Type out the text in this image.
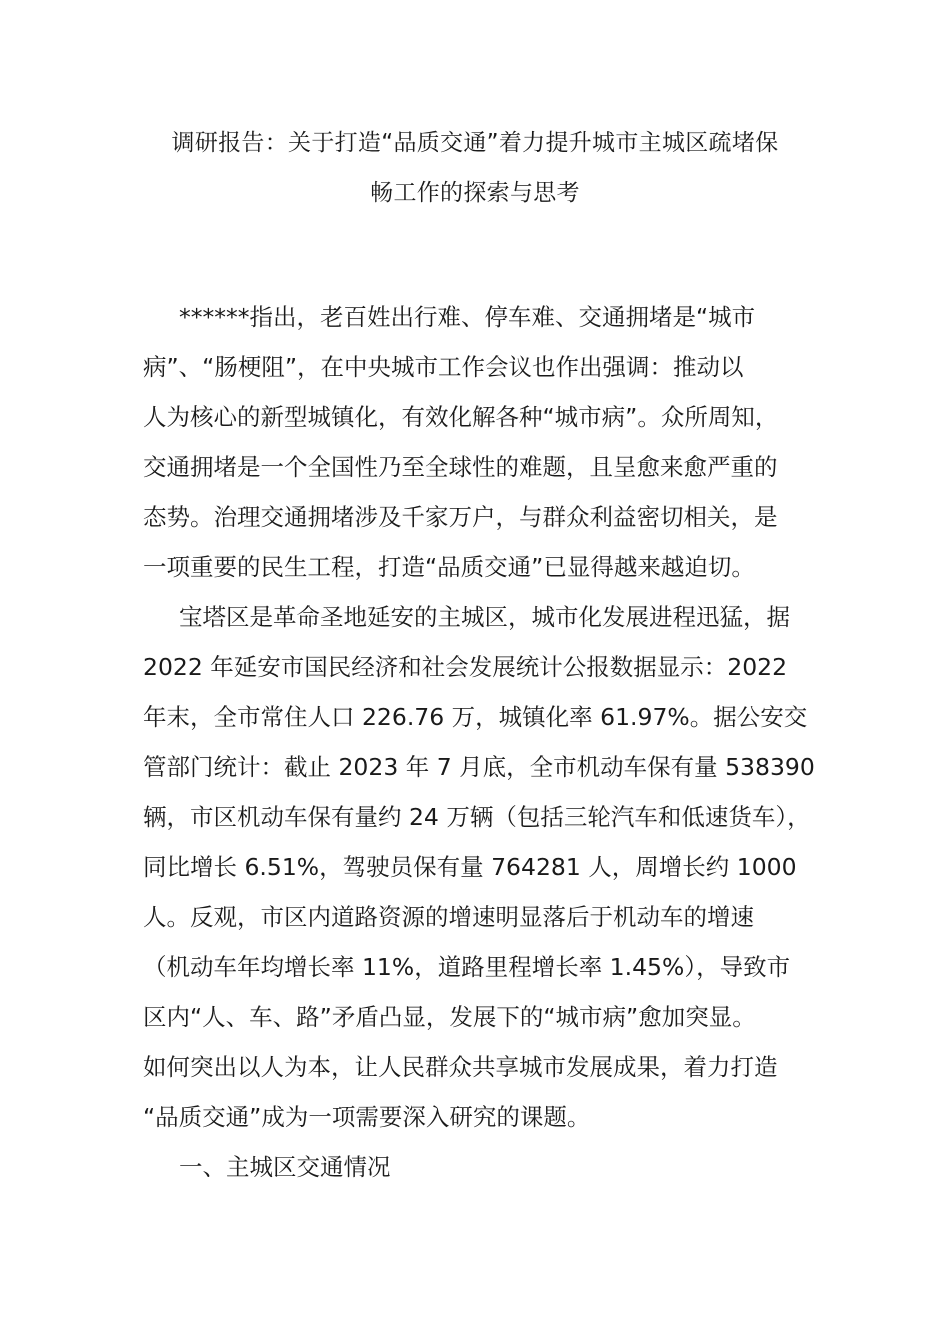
调研报告：关于打造“品质交通”着力提升城市主城区疏堵保
畅工作的探索与思考
******指出，老百姓出行难、停车难、交通拥堵是“城市
病”、“肠梗阻”，在中央城市工作会议也作出强调：推动以
人为核心的新型城镇化，有效化解各种“城市病”。众所周知，
交通拥堵是一个全国性乃至全球性的难题，且呈愈来愈严重的
态势。治理交通拥堵涉及千家万户，与群众利益密切相关，是
一项重要的民生工程，打造“品质交通”已显得越来越迫切。
宝塔区是革命圣地延安的主城区，城市化发展进程迅猛，据
2022 年延安市国民经济和社会发展统计公报数据显示：2022
年末，全市常住人口 226.76 万，城镇化率 61.97%。据公安交
管部门统计：截止 2023 年 7 月底，全市机动车保有量 538390
辆，市区机动车保有量约 24 万辆（包括三轮汽车和低速货车），
同比增长 6.51%，驾驶员保有量 764281 人，周增长约 1000
人。反观，市区内道路资源的增速明显落后于机动车的增速
（机动车年均增长率 11%，道路里程增长率 1.45%），导致市
区内“人、车、路”矛盾凸显，发展下的“城市病”愈加突显。
如何突出以人为本，让人民群众共享城市发展成果，着力打造
“品质交通”成为一项需要深入研究的课题。
一、主城区交通情况
